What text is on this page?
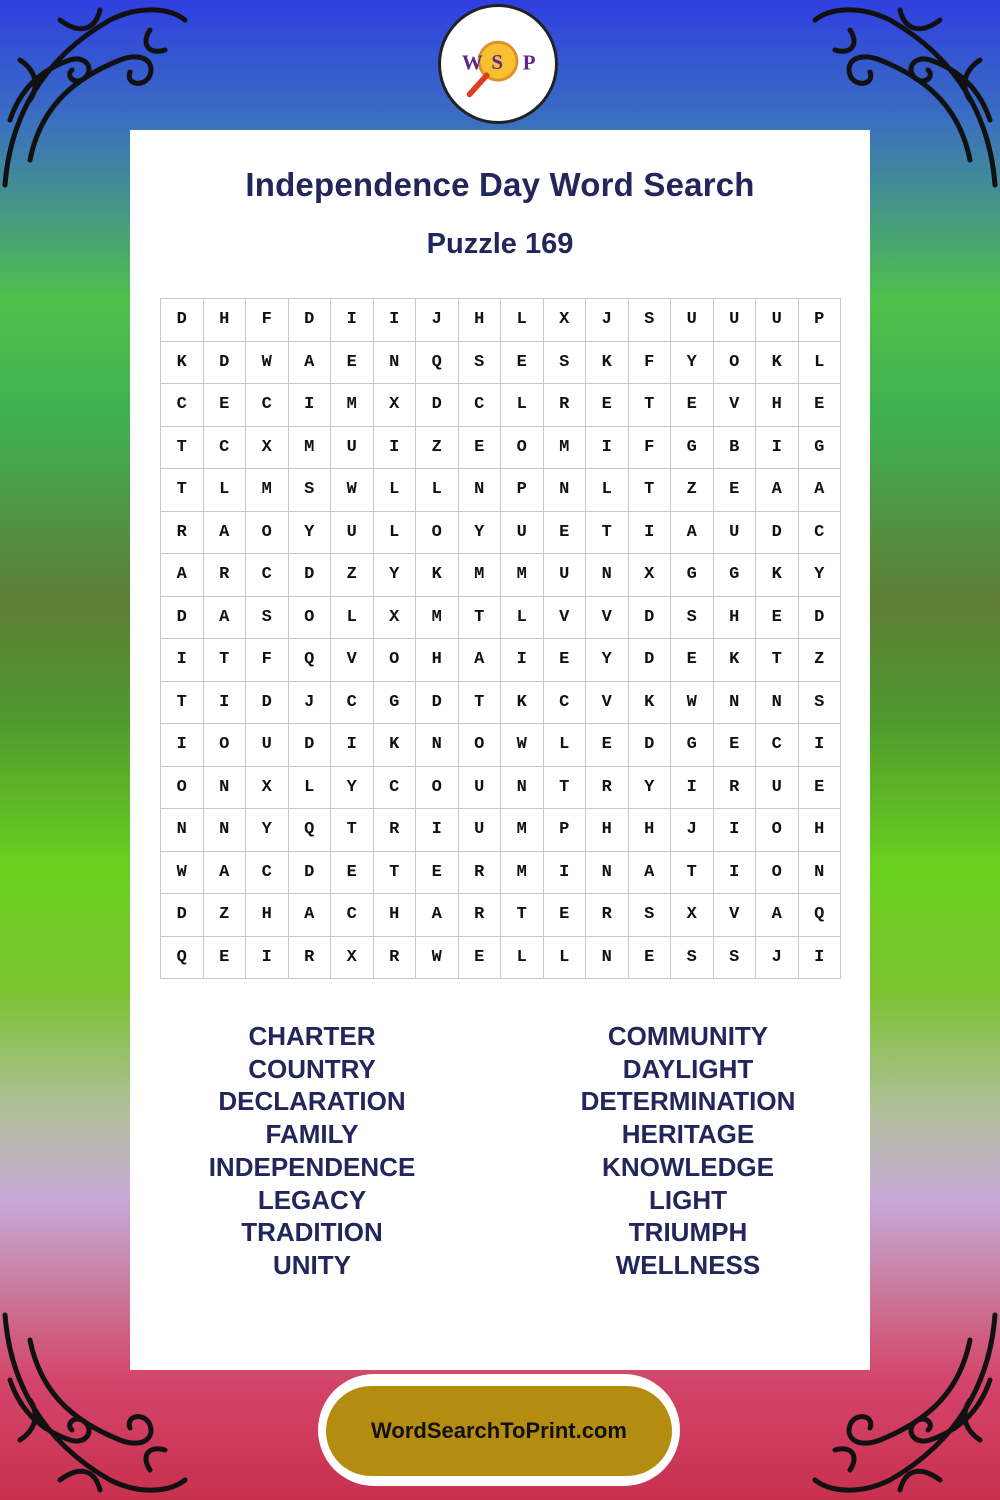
W S P
Independence Day Word Search
Puzzle 169
D	H	F	D	I	I	J	H	L	X	J	S	U	U	U	P
K	D	W	A	E	N	Q	S	E	S	K	F	Y	O	K	L
C	E	C	I	M	X	D	C	L	R	E	T	E	V	H	E
T	C	X	M	U	I	Z	E	O	M	I	F	G	B	I	G
T	L	M	S	W	L	L	N	P	N	L	T	Z	E	A	A
R	A	O	Y	U	L	O	Y	U	E	T	I	A	U	D	C
A	R	C	D	Z	Y	K	M	M	U	N	X	G	G	K	Y
D	A	S	O	L	X	M	T	L	V	V	D	S	H	E	D
I	T	F	Q	V	O	H	A	I	E	Y	D	E	K	T	Z
T	I	D	J	C	G	D	T	K	C	V	K	W	N	N	S
I	O	U	D	I	K	N	O	W	L	E	D	G	E	C	I
O	N	X	L	Y	C	O	U	N	T	R	Y	I	R	U	E
N	N	Y	Q	T	R	I	U	M	P	H	H	J	I	O	H
W	A	C	D	E	T	E	R	M	I	N	A	T	I	O	N
D	Z	H	A	C	H	A	R	T	E	R	S	X	V	A	Q
Q	E	I	R	X	R	W	E	L	L	N	E	S	S	J	I
CHARTER
COUNTRY
DECLARATION
FAMILY
INDEPENDENCE
LEGACY
TRADITION
UNITY
COMMUNITY
DAYLIGHT
DETERMINATION
HERITAGE
KNOWLEDGE
LIGHT
TRIUMPH
WELLNESS
WordSearchToPrint.com
